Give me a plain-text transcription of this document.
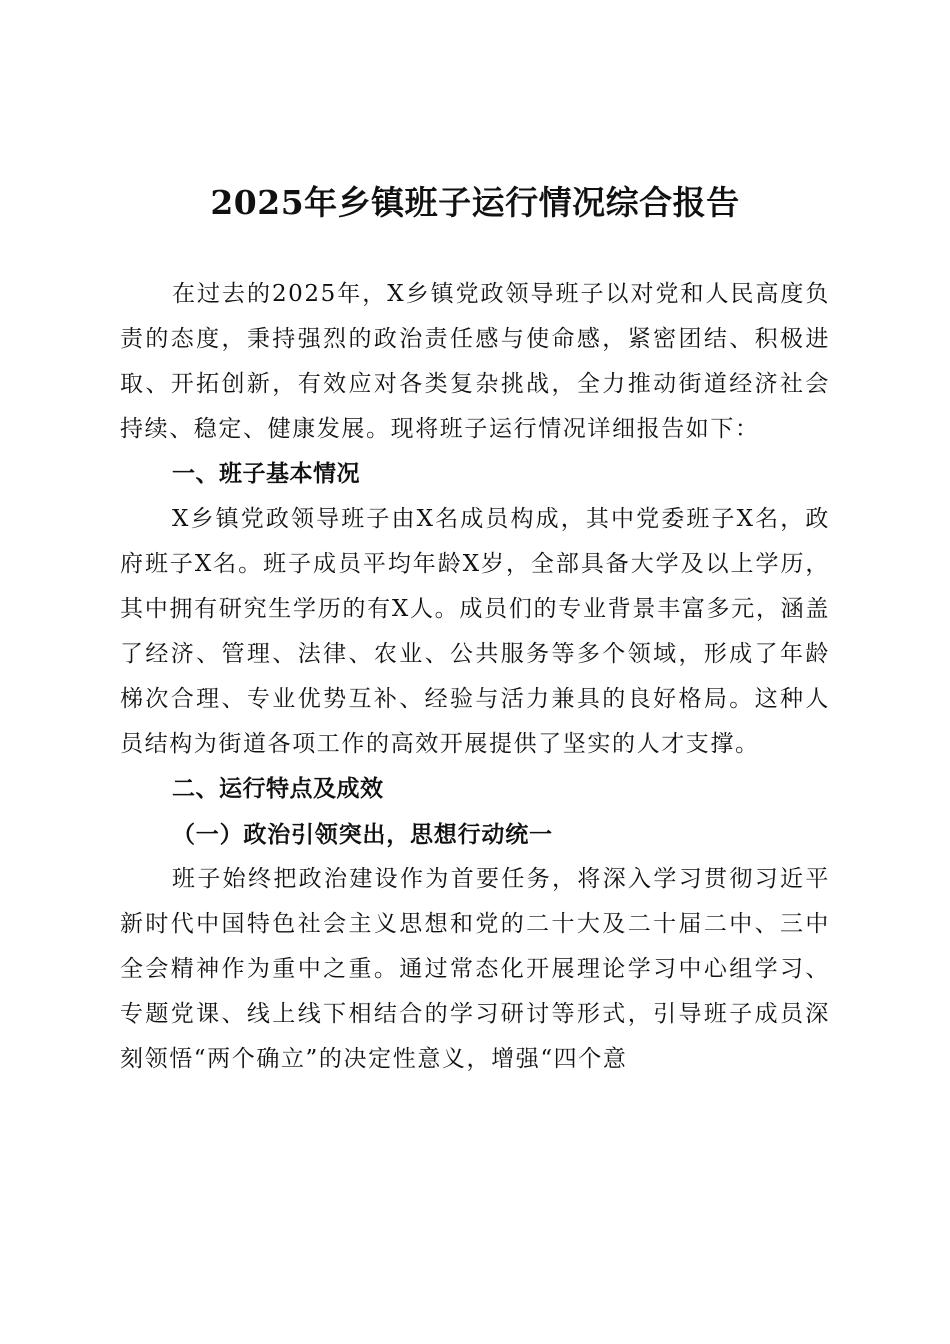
2025年乡镇班子运行情况综合报告

在过去的2025年，X乡镇党政领导班子以对党和人民高度负责的态度，秉持强烈的政治责任感与使命感，紧密团结、积极进取、开拓创新，有效应对各类复杂挑战，全力推动街道经济社会持续、稳定、健康发展。现将班子运行情况详细报告如下：

一、班子基本情况

X乡镇党政领导班子由X名成员构成，其中党委班子X名，政府班子X名。班子成员平均年龄X岁，全部具备大学及以上学历，其中拥有研究生学历的有X人。成员们的专业背景丰富多元，涵盖了经济、管理、法律、农业、公共服务等多个领域，形成了年龄梯次合理、专业优势互补、经验与活力兼具的良好格局。这种人员结构为街道各项工作的高效开展提供了坚实的人才支撑。

二、运行特点及成效

（一）政治引领突出，思想行动统一

班子始终把政治建设作为首要任务，将深入学习贯彻习近平新时代中国特色社会主义思想和党的二十大及二十届二中、三中全会精神作为重中之重。通过常态化开展理论学习中心组学习、专题党课、线上线下相结合的学习研讨等形式，引导班子成员深刻领悟“两个确立”的决定性意义，增强“四个意
